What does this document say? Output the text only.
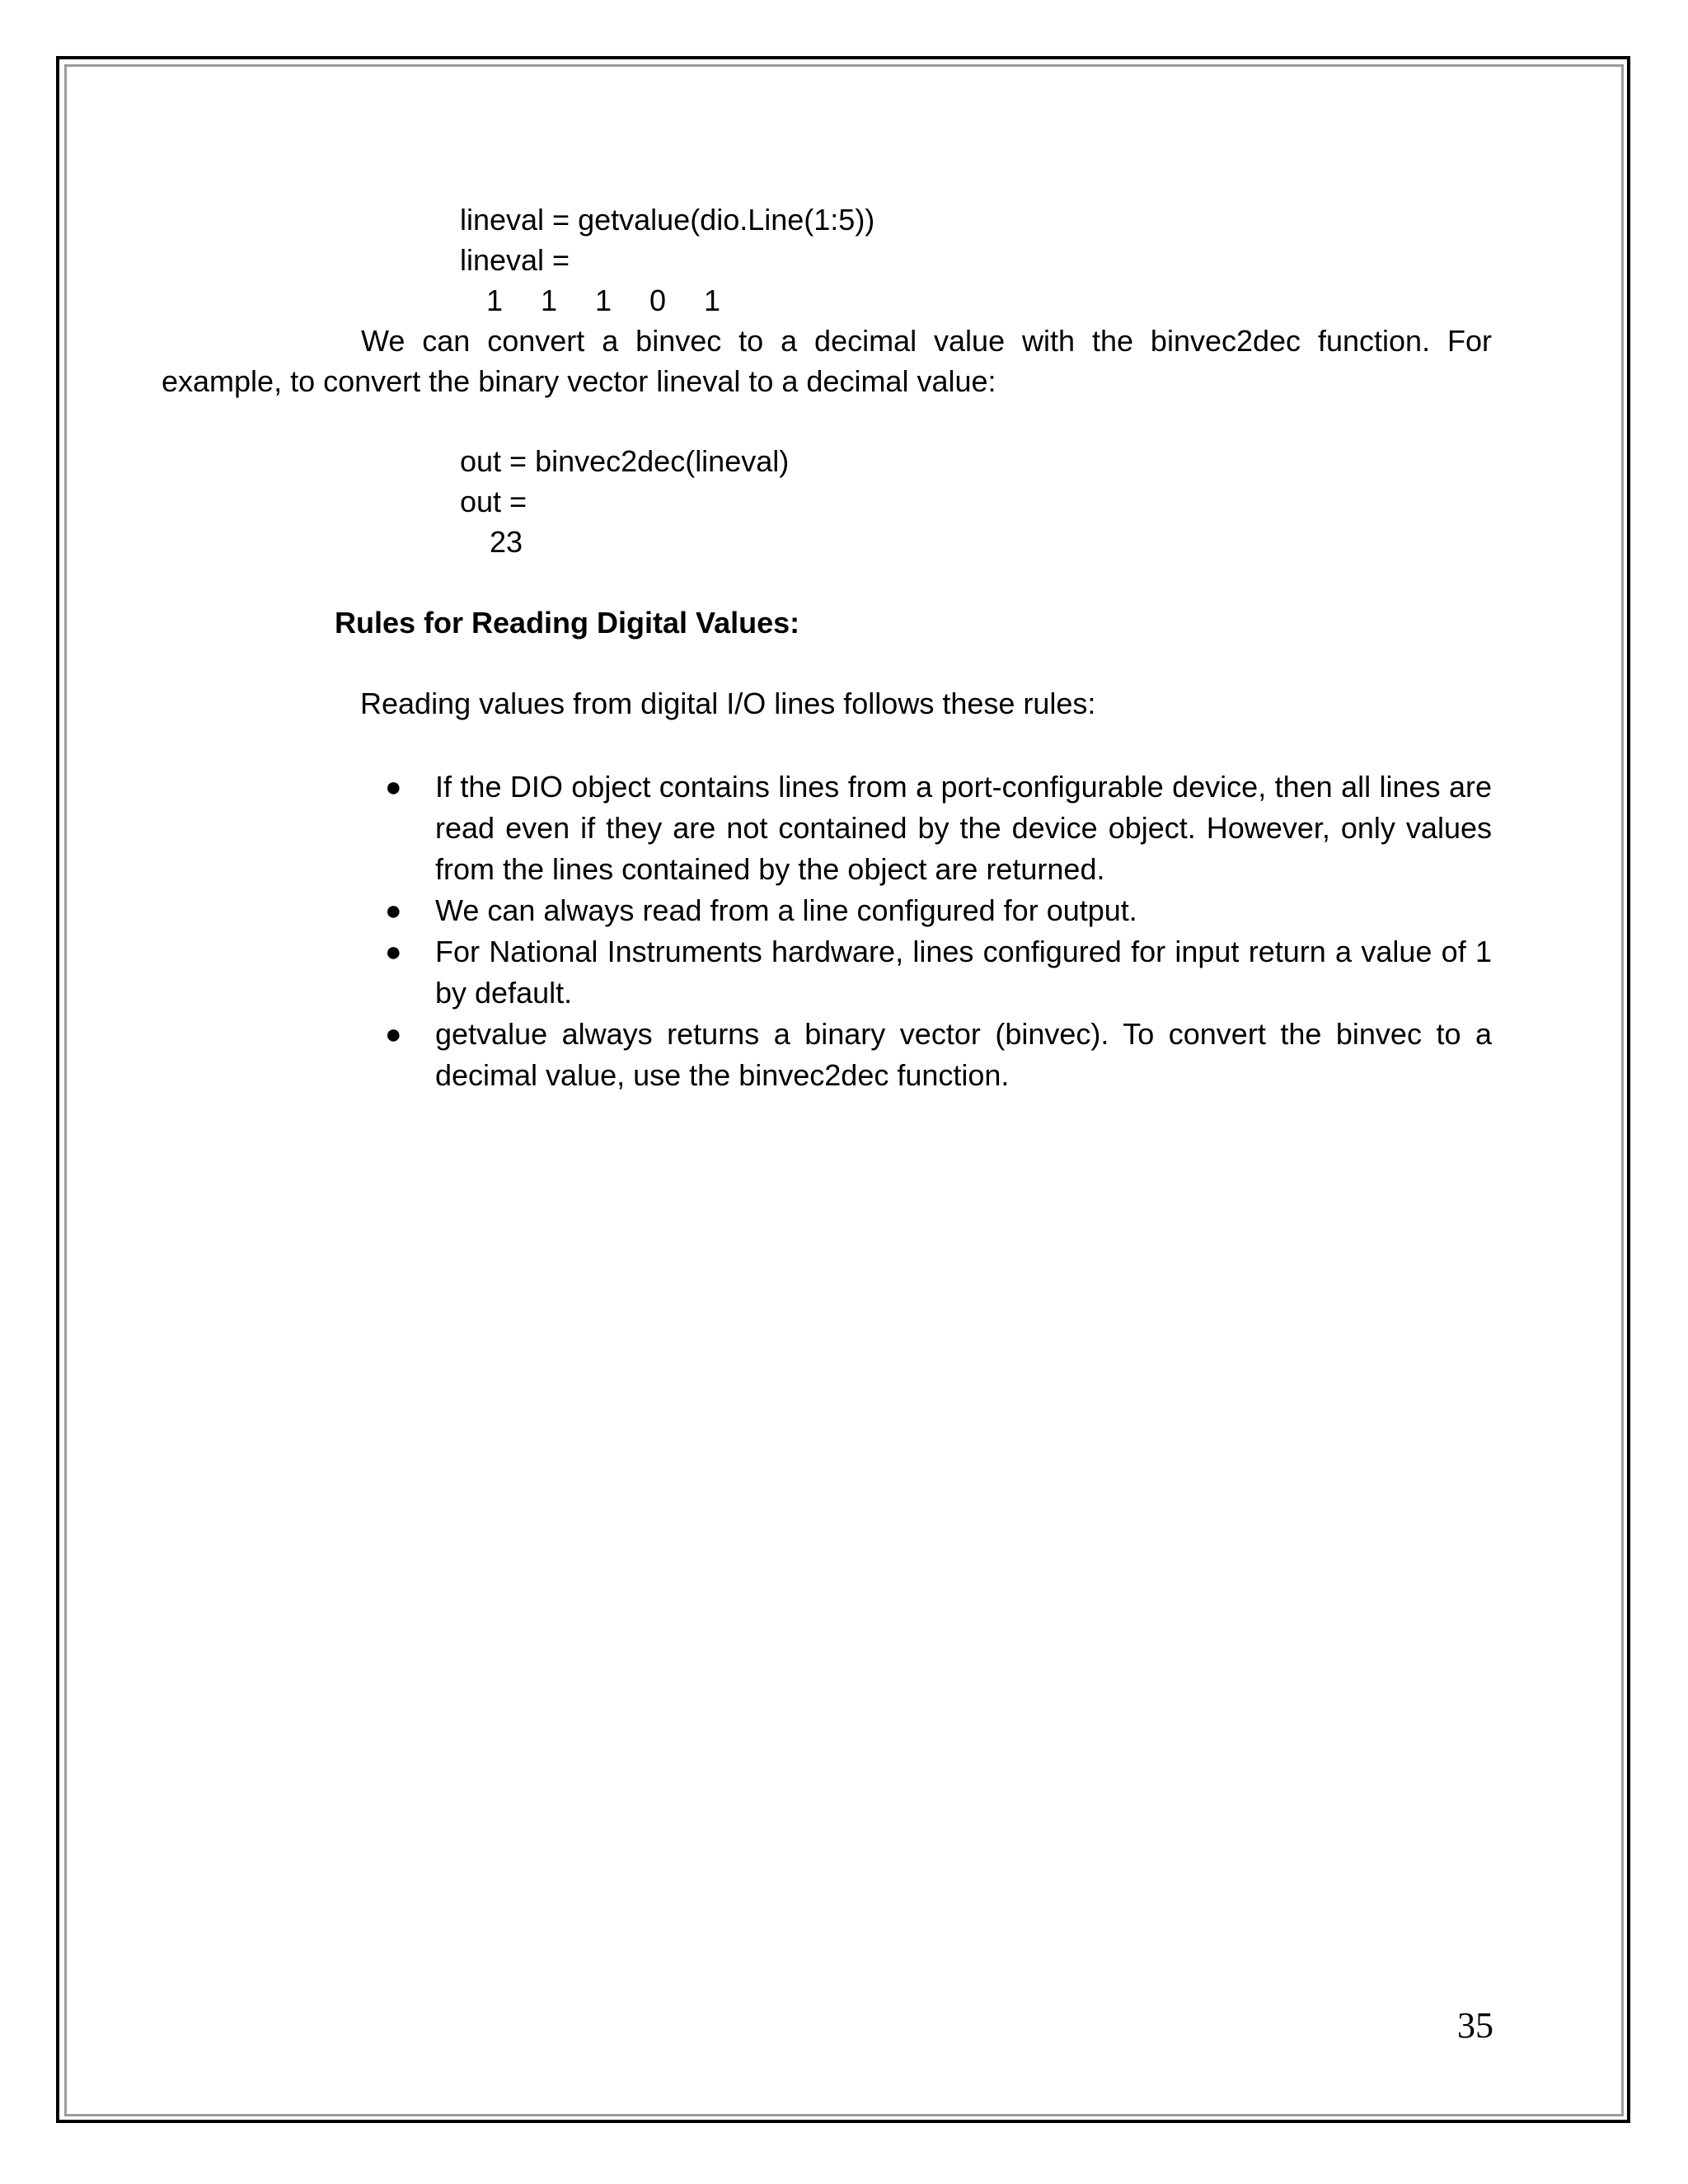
lineval = getvalue(dio.Line(1:5))
lineval =
1 1 1 0 1
We can convert a binvec to a decimal value with the binvec2dec function. For example, to convert the binary vector lineval to a decimal value:
out = binvec2dec(lineval)
out =
23
Rules for Reading Digital Values:
Reading values from digital I/O lines follows these rules:
● If the DIO object contains lines from a port-configurable device, then all lines are read even if they are not contained by the device object. However, only values from the lines contained by the object are returned.
● We can always read from a line configured for output.
● For National Instruments hardware, lines configured for input return a value of 1 by default.
● getvalue always returns a binary vector (binvec). To convert the binvec to a decimal value, use the binvec2dec function.
35
